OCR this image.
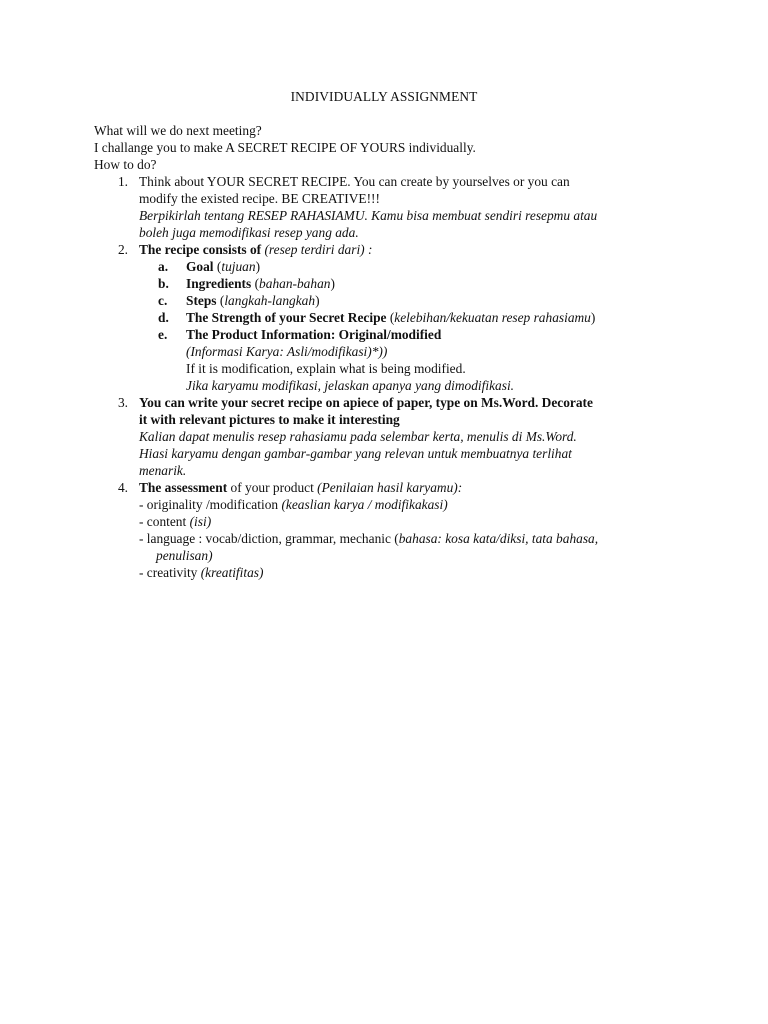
INDIVIDUALLY ASSIGNMENT
What will we do next meeting?
I challange you to make A SECRET RECIPE OF YOURS individually.
How to do?
1. Think about YOUR SECRET RECIPE. You can create by yourselves or you can
modify the existed recipe. BE CREATIVE!!!
Berpikirlah tentang RESEP RAHASIAMU. Kamu bisa membuat sendiri resepmu atau
boleh juga memodifikasi resep yang ada.
2. The recipe consists of (resep terdiri dari) :
a. Goal (tujuan)
b. Ingredients (bahan-bahan)
c. Steps (langkah-langkah)
d. The Strength of your Secret Recipe (kelebihan/kekuatan resep rahasiamu)
e. The Product Information: Original/modified
(Informasi Karya: Asli/modifikasi)*))
If it is modification, explain what is being modified.
Jika karyamu modifikasi, jelaskan apanya yang dimodifikasi.
3. You can write your secret recipe on apiece of paper, type on Ms.Word. Decorate
it with relevant pictures to make it interesting
Kalian dapat menulis resep rahasiamu pada selembar kerta, menulis di Ms.Word.
Hiasi karyamu dengan gambar-gambar yang relevan untuk membuatnya terlihat
menarik.
4. The assessment of your product (Penilaian hasil karyamu):
- originality /modification (keaslian karya / modifikakasi)
- content (isi)
- language : vocab/diction, grammar, mechanic (bahasa: kosa kata/diksi, tata bahasa,
penulisan)
- creativity (kreatifitas)
